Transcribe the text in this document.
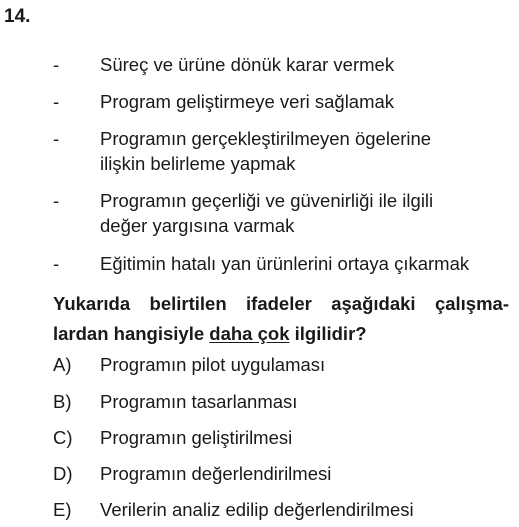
14.
- Süreç ve ürüne dönük karar vermek
- Program geliştirmeye veri sağlamak
- Programın gerçekleştirilmeyen ögelerine
ilişkin belirleme yapmak
- Programın geçerliği ve güvenirliği ile ilgili
değer yargısına varmak
- Eğitimin hatalı yan ürünlerini ortaya çıkarmak
Yukarıda belirtilen ifadeler aşağıdaki çalışma-
lardan hangisiyle daha çok ilgilidir?
A) Programın pilot uygulaması
B) Programın tasarlanması
C) Programın geliştirilmesi
D) Programın değerlendirilmesi
E) Verilerin analiz edilip değerlendirilmesi
